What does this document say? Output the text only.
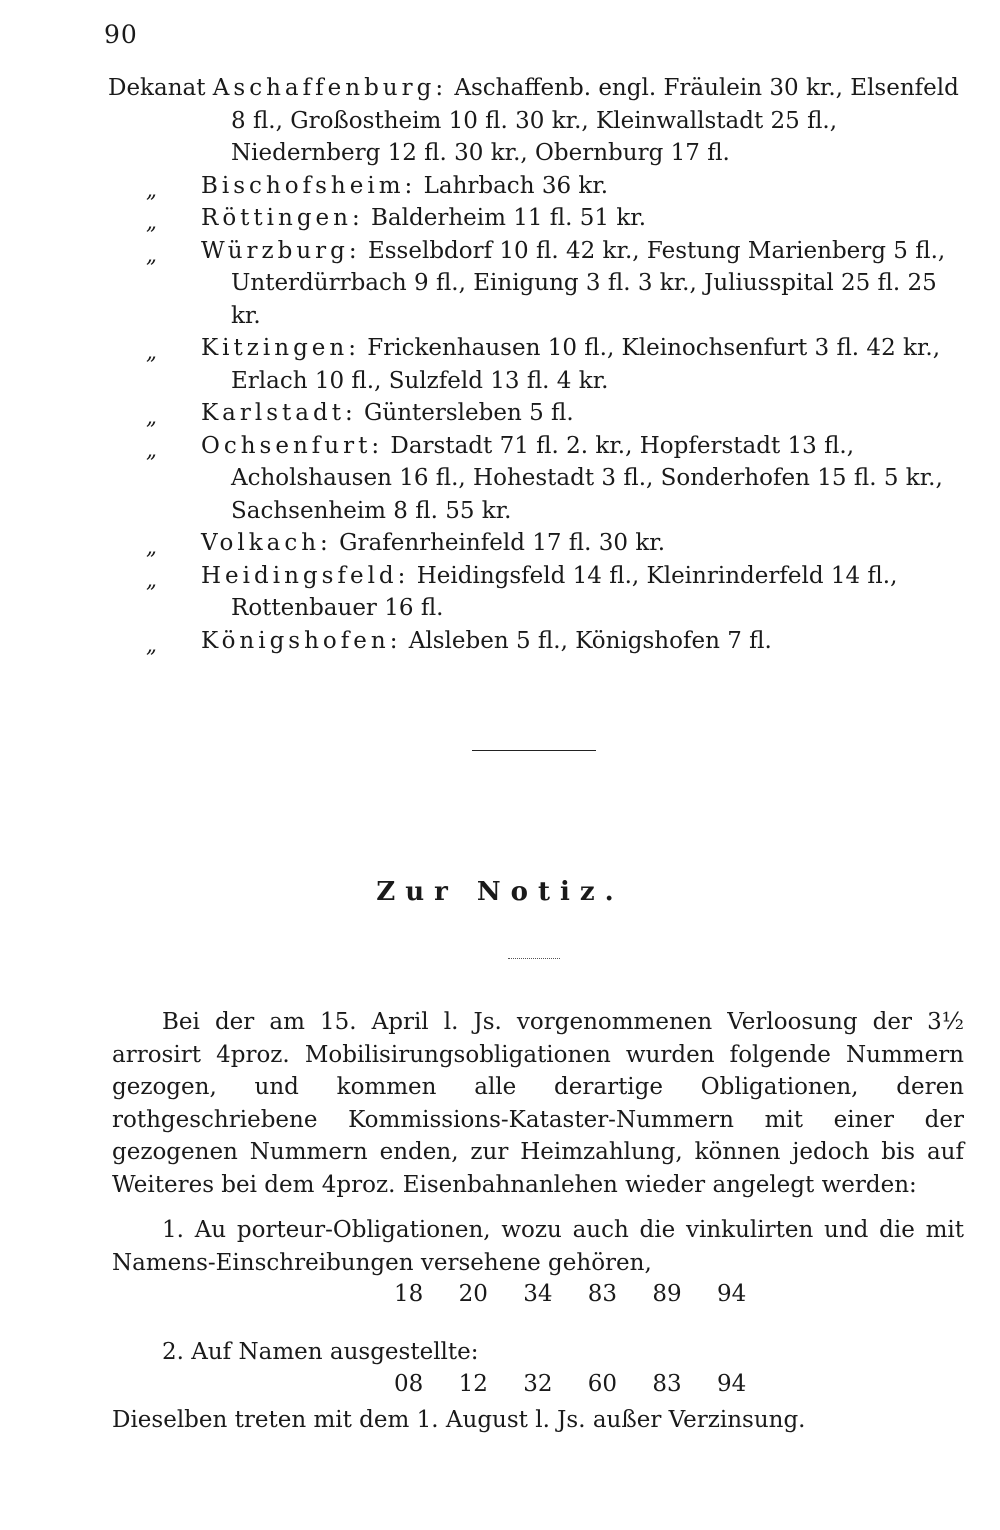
90
Dekanat Aschaffenburg: Aschaffenb. engl. Fräulein 30 kr., Elsenfeld 8 fl., Großostheim 10 fl. 30 kr., Kleinwallstadt 25 fl., Niedernberg 12 fl. 30 kr., Obernburg 17 fl.
„	Bischofsheim: Lahrbach 36 kr.
„	Röttingen: Balderheim 11 fl. 51 kr.
„	Würzburg: Esselbdorf 10 fl. 42 kr., Festung Marienberg 5 fl., Unterdürrbach 9 fl., Einigung 3 fl. 3 kr., Juliusspital 25 fl. 25 kr.
„	Kitzingen: Frickenhausen 10 fl., Kleinochsenfurt 3 fl. 42 kr., Erlach 10 fl., Sulzfeld 13 fl. 4 kr.
„	Karlstadt: Güntersleben 5 fl.
„	Ochsenfurt: Darstadt 71 fl. 2. kr., Hopferstadt 13 fl., Acholshausen 16 fl., Hohestadt 3 fl., Sonderhofen 15 fl. 5 kr., Sachsenheim 8 fl. 55 kr.
„	Volkach: Grafenrheinfeld 17 fl. 30 kr.
„	Heidingsfeld: Heidingsfeld 14 fl., Kleinrinderfeld 14 fl., Rottenbauer 16 fl.
„	Königshofen: Alsleben 5 fl., Königshofen 7 fl.
Zur Notiz.
Bei der am 15. April l. Js. vorgenommenen Verloosung der 3½ arrosirt 4proz. Mobilisirungsobligationen wurden folgende Nummern gezogen, und kommen alle derartige Obligationen, deren rothgeschriebene Kommissions-Kataster-Nummern mit einer der gezogenen Nummern enden, zur Heimzahlung, können jedoch bis auf Weiteres bei dem 4proz. Eisenbahnanlehen wieder angelegt werden:
1. Au porteur-Obligationen, wozu auch die vinkulirten und die mit Namens-Einschreibungen versehene gehören,
18 20 34 83 89 94
2. Auf Namen ausgestellte:
08 12 32 60 83 94
Dieselben treten mit dem 1. August l. Js. außer Verzinsung.
